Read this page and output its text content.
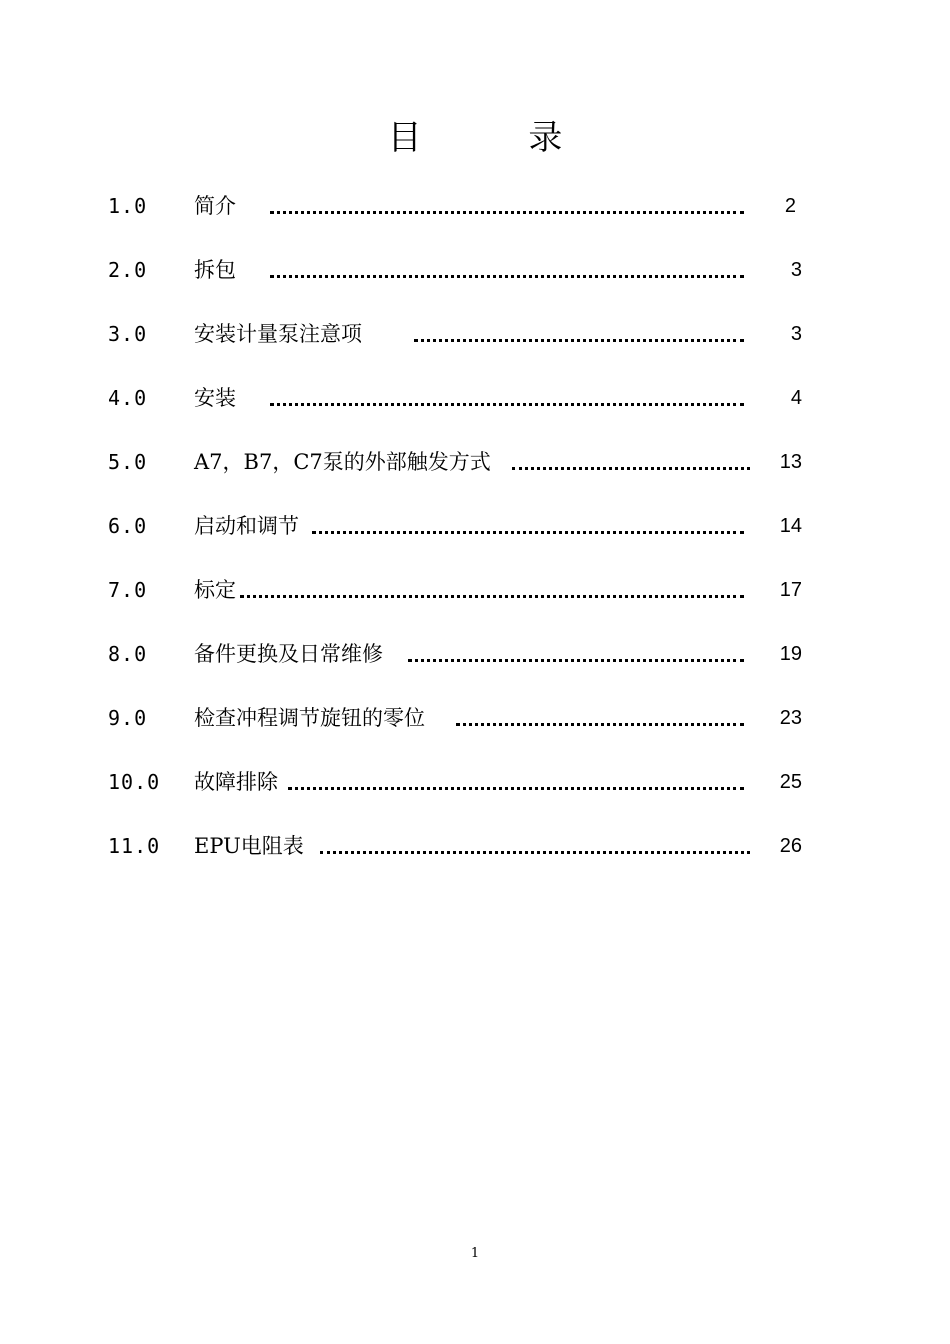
目 录
1.0 简介	2
2.0 拆包	3
3.0 安装计量泵注意项	3
4.0 安装	4
5.0 A7，B7，C7泵的外部触发方式	13
6.0 启动和调节	14
7.0 标定	17
8.0 备件更换及日常维修	19
9.0 检查冲程调节旋钮的零位	23
10.0 故障排除	25
11.0 EPU电阻表	26
1
